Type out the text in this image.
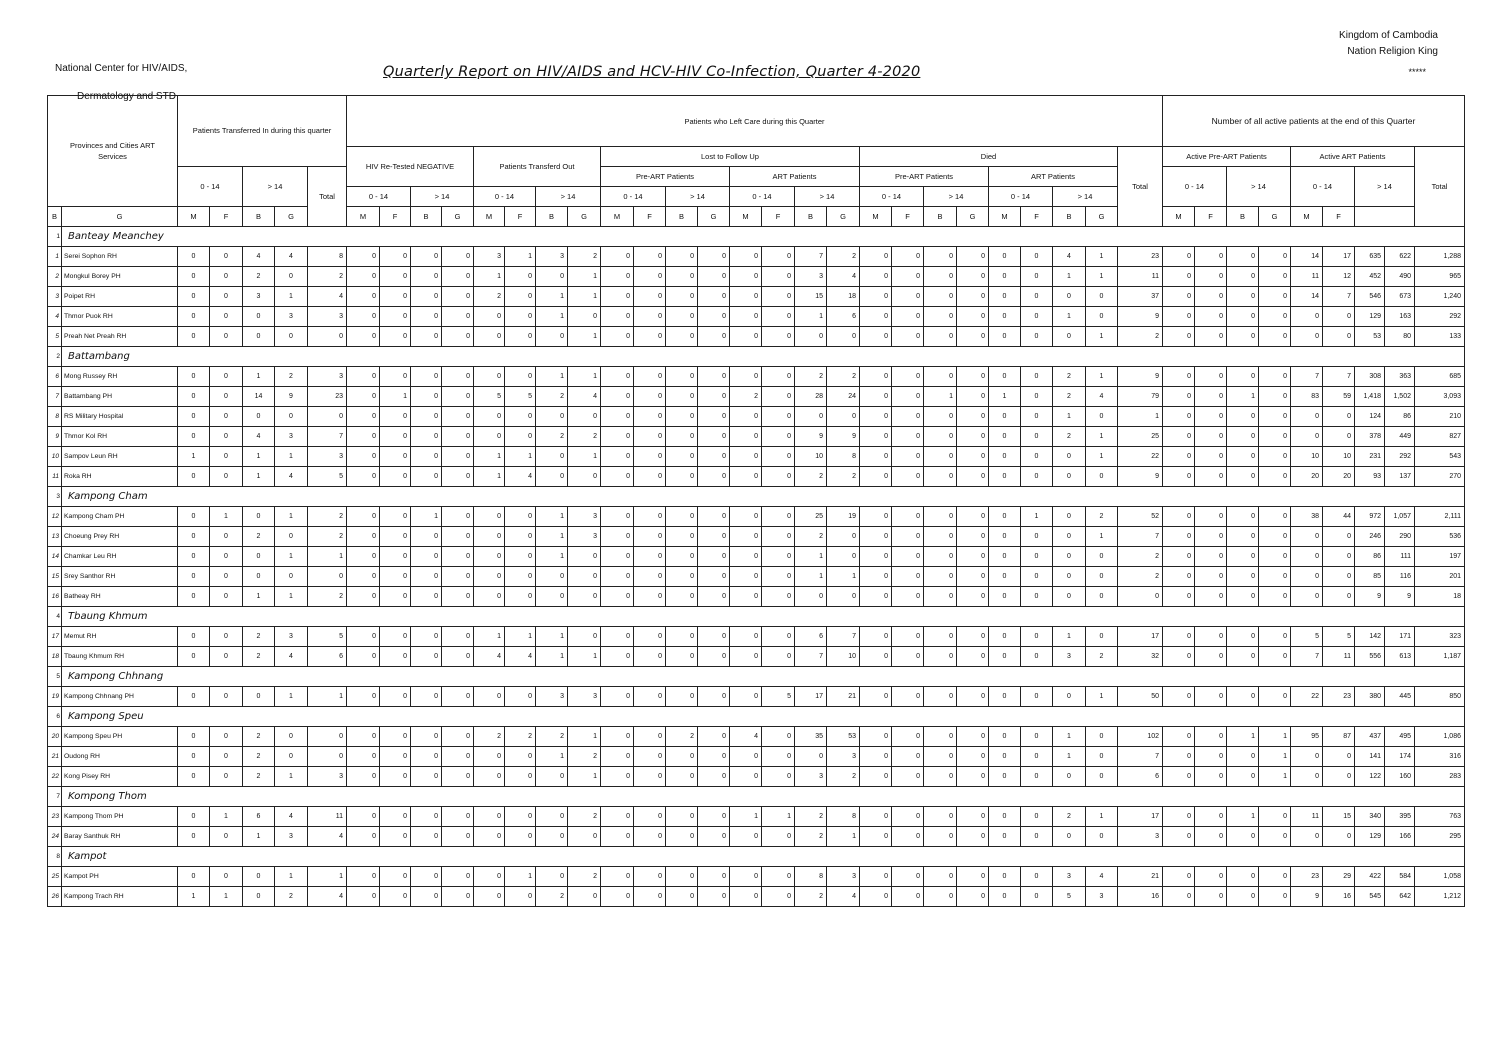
National Center for HIV/AIDS,
Dermatology and STD
Kingdom of Cambodia
Nation Religion King
*****
Quarterly Report on HIV/AIDS and HCV-HIV Co-Infection, Quarter 4-2020
Provinces and Cities ART Services		Patients Transferred In during this quarter					Patients who Left Care during this Quarter																									Number of all active patients at the end of this Quarter								
							HIV Re-Tested NEGATIVE				Patients Transferd Out				Lost to Follow Up								Died								Total	Active Pre-ART Patients				Active ART Patients				Total
		0 - 14		> 14		Total									Pre-ART Patients				ART Patients				Pre-ART Patients				ART Patients					0 - 14		> 14		0 - 14		> 14		
							0 - 14		> 14		0 - 14		> 14		0 - 14		> 14		0 - 14		> 14		0 - 14		> 14		0 - 14		> 14											
B	G	M	F	B	G		M	F	B	G	M	F	B	G	M	F	B	G	M	F	B	G	M	F	B	G	M	F	B	G		M	F	B	G	M	F			
1	Banteay Meanchey																																							
1	Serei Sophon RH	0	0	4	4	8	0	0	0	0	3	1	3	2	0	0	0	0	0	0	7	2	0	0	0	0	0	0	4	1	23	0	0	0	0	14	17	635	622	1,288
2	Mongkul Borey PH	0	0	2	0	2	0	0	0	0	1	0	0	1	0	0	0	0	0	0	3	4	0	0	0	0	0	0	1	1	11	0	0	0	0	11	12	452	490	965
3	Poipet RH	0	0	3	1	4	0	0	0	0	2	0	1	1	0	0	0	0	0	0	15	18	0	0	0	0	0	0	0	0	37	0	0	0	0	14	7	546	673	1,240
4	Thmor Puok RH	0	0	0	3	3	0	0	0	0	0	0	1	0	0	0	0	0	0	0	1	6	0	0	0	0	0	0	1	0	9	0	0	0	0	0	0	129	163	292
5	Preah Net Preah RH	0	0	0	0	0	0	0	0	0	0	0	0	1	0	0	0	0	0	0	0	0	0	0	0	0	0	0	0	1	2	0	0	0	0	0	0	53	80	133
2	Battambang																																							
6	Mong Russey RH	0	0	1	2	3	0	0	0	0	0	0	1	1	0	0	0	0	0	0	2	2	0	0	0	0	0	0	2	1	9	0	0	0	0	7	7	308	363	685
7	Battambang PH	0	0	14	9	23	0	1	0	0	5	5	2	4	0	0	0	0	2	0	28	24	0	0	1	0	1	0	2	4	79	0	0	1	0	83	59	1,418	1,502	3,093
8	RS Military Hospital	0	0	0	0	0	0	0	0	0	0	0	0	0	0	0	0	0	0	0	0	0	0	0	0	0	0	0	1	0	1	0	0	0	0	0	0	124	86	210
9	Thmor Kol RH	0	0	4	3	7	0	0	0	0	0	0	2	2	0	0	0	0	0	0	9	9	0	0	0	0	0	0	2	1	25	0	0	0	0	0	0	378	449	827
10	Sampov Leun RH	1	0	1	1	3	0	0	0	0	1	1	0	1	0	0	0	0	0	0	10	8	0	0	0	0	0	0	0	1	22	0	0	0	0	10	10	231	292	543
11	Roka RH	0	0	1	4	5	0	0	0	0	1	4	0	0	0	0	0	0	0	0	2	2	0	0	0	0	0	0	0	0	9	0	0	0	0	20	20	93	137	270
3	Kampong Cham																																							
12	Kampong Cham PH	0	1	0	1	2	0	0	1	0	0	0	1	3	0	0	0	0	0	0	25	19	0	0	0	0	0	1	0	2	52	0	0	0	0	38	44	972	1,057	2,111
13	Choeung Prey RH	0	0	2	0	2	0	0	0	0	0	0	1	3	0	0	0	0	0	0	2	0	0	0	0	0	0	0	0	1	7	0	0	0	0	0	0	246	290	536
14	Chamkar Leu RH	0	0	0	1	1	0	0	0	0	0	0	1	0	0	0	0	0	0	0	1	0	0	0	0	0	0	0	0	0	2	0	0	0	0	0	0	86	111	197
15	Srey Santhor RH	0	0	0	0	0	0	0	0	0	0	0	0	0	0	0	0	0	0	0	1	1	0	0	0	0	0	0	0	0	2	0	0	0	0	0	0	85	116	201
16	Batheay RH	0	0	1	1	2	0	0	0	0	0	0	0	0	0	0	0	0	0	0	0	0	0	0	0	0	0	0	0	0	0	0	0	0	0	0	0	9	9	18
4	Tbaung Khmum																																							
17	Memut RH	0	0	2	3	5	0	0	0	0	1	1	1	0	0	0	0	0	0	0	6	7	0	0	0	0	0	0	1	0	17	0	0	0	0	5	5	142	171	323
18	Tbaung Khmum RH	0	0	2	4	6	0	0	0	0	4	4	1	1	0	0	0	0	0	0	7	10	0	0	0	0	0	0	3	2	32	0	0	0	0	7	11	556	613	1,187
5	Kampong Chhnang																																							
19	Kampong Chhnang PH	0	0	0	1	1	0	0	0	0	0	0	3	3	0	0	0	0	0	5	17	21	0	0	0	0	0	0	0	1	50	0	0	0	0	22	23	380	445	850
6	Kampong Speu																																							
20	Kampong Speu PH	0	0	2	0	0	0	0	0	0	2	2	2	1	0	0	2	0	4	0	35	53	0	0	0	0	0	0	1	0	102	0	0	1	1	95	87	437	495	1,086
21	Oudong RH	0	0	2	0	0	0	0	0	0	0	0	1	2	0	0	0	0	0	0	0	3	0	0	0	0	0	0	1	0	7	0	0	0	1	0	0	141	174	316
22	Kong Pisey RH	0	0	2	1	3	0	0	0	0	0	0	0	1	0	0	0	0	0	0	3	2	0	0	0	0	0	0	0	0	6	0	0	0	1	0	0	122	160	283
7	Kompong Thom																																							
23	Kampong Thom PH	0	1	6	4	11	0	0	0	0	0	0	0	2	0	0	0	0	1	1	2	8	0	0	0	0	0	0	2	1	17	0	0	1	0	11	15	340	395	763
24	Baray Santhuk RH	0	0	1	3	4	0	0	0	0	0	0	0	0	0	0	0	0	0	0	2	1	0	0	0	0	0	0	0	0	3	0	0	0	0	0	0	129	166	295
8	Kampot																																							
25	Kampot PH	0	0	0	1	1	0	0	0	0	0	1	0	2	0	0	0	0	0	0	8	3	0	0	0	0	0	0	3	4	21	0	0	0	0	23	29	422	584	1,058
26	Kampong Trach RH	1	1	0	2	4	0	0	0	0	0	0	2	0	0	0	0	0	0	0	2	4	0	0	0	0	0	0	5	3	16	0	0	0	0	9	16	545	642	1,212
